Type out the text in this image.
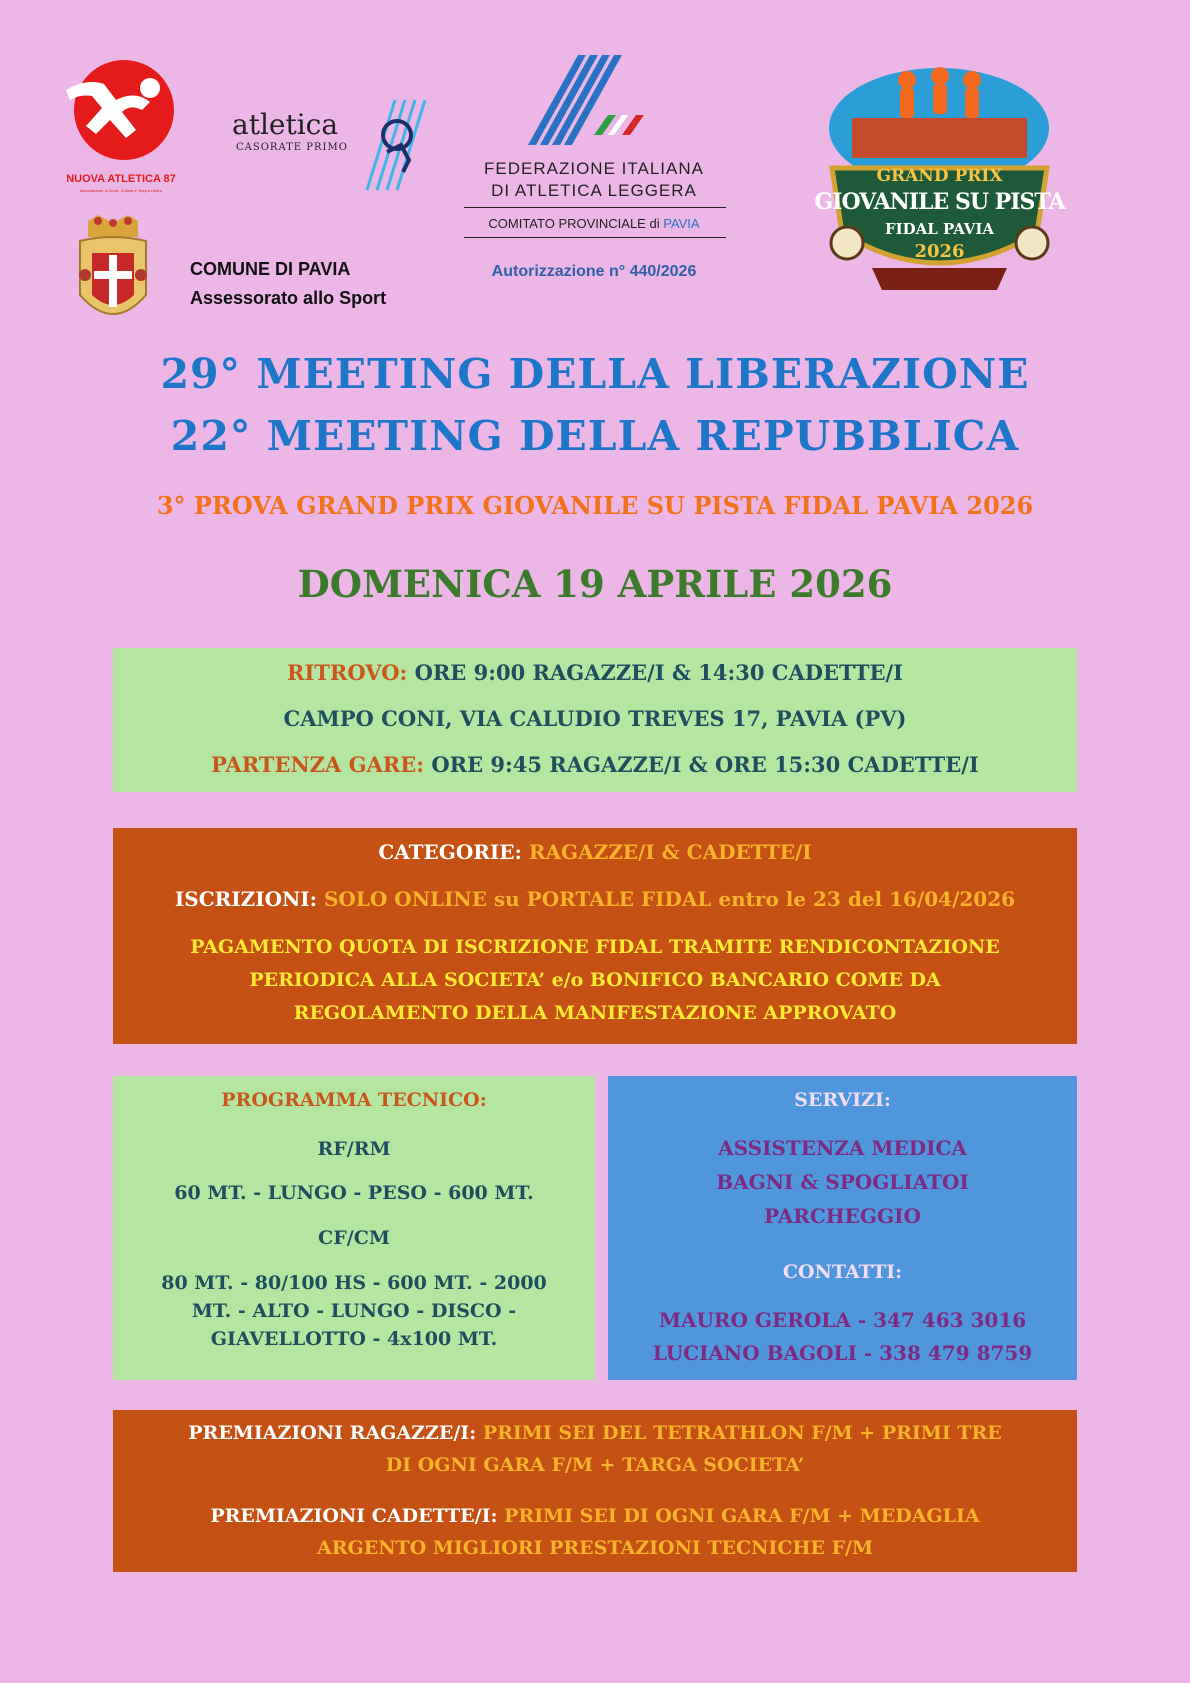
NUOVA ATLETICA 87
Associazione di Sport, Cultura e Tempo Libero
atletica
CASORATE PRIMO
COMUNE DI PAVIA
Assessorato allo Sport
FEDERAZIONE ITALIANA
DI ATLETICA LEGGERA
COMITATO PROVINCIALE di PAVIA
Autorizzazione n° 440/2026
GRAND PRIX
GIOVANILE SU PISTA
FIDAL PAVIA
2026
29° MEETING DELLA LIBERAZIONE
22° MEETING DELLA REPUBBLICA
3° PROVA GRAND PRIX GIOVANILE SU PISTA FIDAL PAVIA 2026
DOMENICA 19 APRILE 2026
RITROVO: ORE 9:00 RAGAZZE/I & 14:30 CADETTE/I
CAMPO CONI, VIA CALUDIO TREVES 17, PAVIA (PV)
PARTENZA GARE: ORE 9:45 RAGAZZE/I & ORE 15:30 CADETTE/I
CATEGORIE: RAGAZZE/I & CADETTE/I
ISCRIZIONI: SOLO ONLINE su PORTALE FIDAL entro le 23 del 16/04/2026
PAGAMENTO QUOTA DI ISCRIZIONE FIDAL TRAMITE RENDICONTAZIONE
PERIODICA ALLA SOCIETA’ e/o BONIFICO BANCARIO COME DA
REGOLAMENTO DELLA MANIFESTAZIONE APPROVATO
PROGRAMMA TECNICO:
RF/RM
60 MT. - LUNGO - PESO - 600 MT.
CF/CM
80 MT. - 80/100 HS - 600 MT. - 2000
MT. - ALTO - LUNGO - DISCO -
GIAVELLOTTO - 4x100 MT.
SERVIZI:
ASSISTENZA MEDICA
BAGNI & SPOGLIATOI
PARCHEGGIO
CONTATTI:
MAURO GEROLA - 347 463 3016
LUCIANO BAGOLI - 338 479 8759
PREMIAZIONI RAGAZZE/I: PRIMI SEI DEL TETRATHLON F/M + PRIMI TRE
DI OGNI GARA F/M + TARGA SOCIETA’
PREMIAZIONI CADETTE/I: PRIMI SEI DI OGNI GARA F/M + MEDAGLIA
ARGENTO MIGLIORI PRESTAZIONI TECNICHE F/M
